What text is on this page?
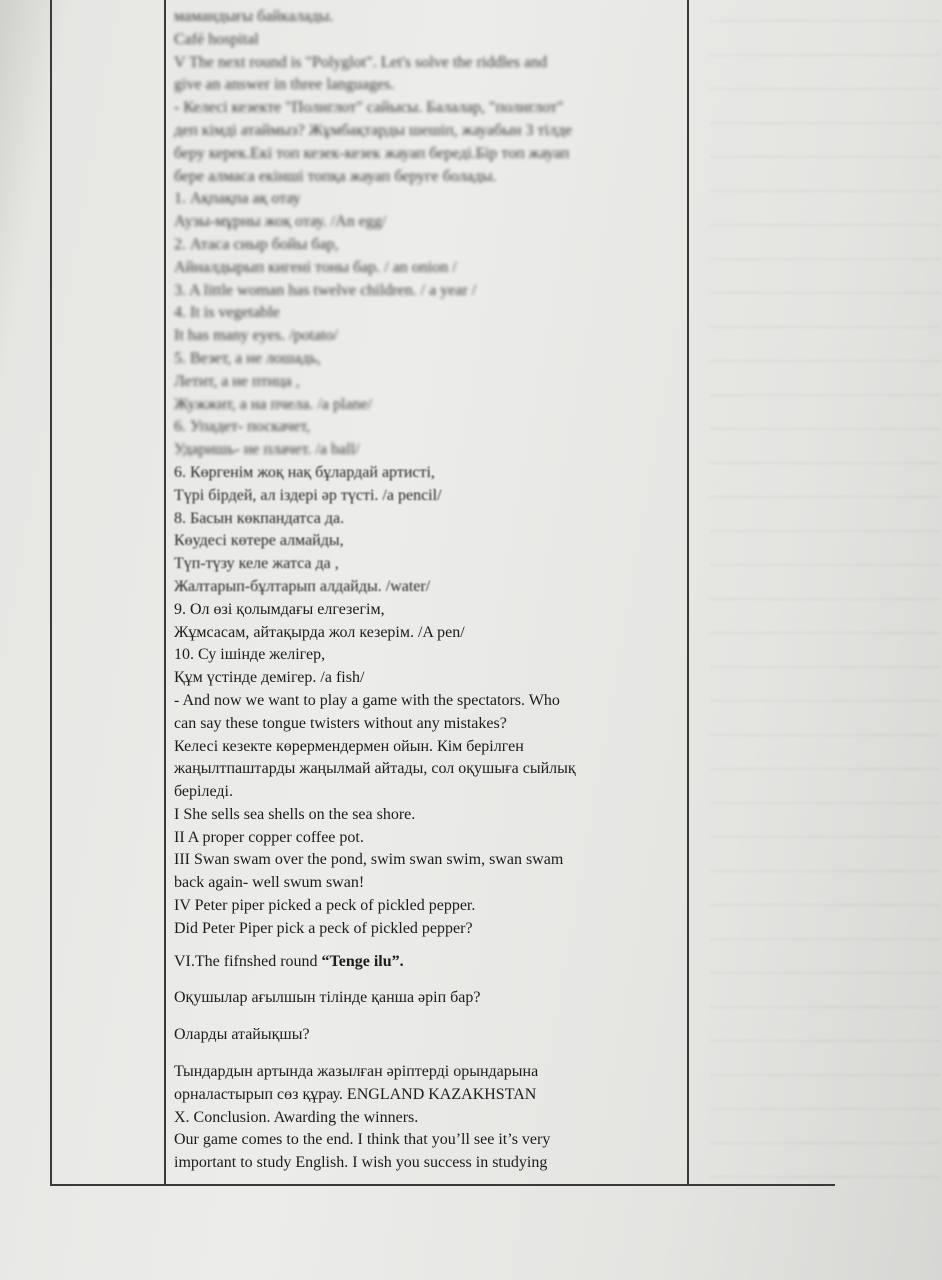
мамандығы байкалады.
Café hospital
V The next round is "Polyglot". Let's solve the riddles and
give an answer in three languages.
- Келесі кезекте "Полиглот" сайысы. Балалар, "полиглот"
деп кімді атаймыз? Жұмбақтарды шешіп, жауабын 3 тілде
беру керек.Екі топ кезек-кезек жауап береді.Бір топ жауап
бере алмаса екінші топқа жауап беруге болады.
1. Ақпақпа ақ отау
Аузы-мұрны жоқ отау. /An egg/
2. Атаса сиыр бойы бар,
Айналдырып кигені тоны бар. / an onion /
3. A little woman has twelve children. / a year /
4. It is vegetable
It has many eyes. /potato/
5. Везет, а не лошадь,
Летит, а не птица ,
Жужжит, а на пчела. /a plane/
6. Упадет- поскачет,
Ударишь- не плачет. /a ball/
6. Көргенім жоқ нақ бұлардай артисті,
Түрі бірдей, ал іздері әр түсті. /a pencil/
8. Басын көкпандатса да.
Көудесі көтере алмайды,
Түп-түзу келе жатса да ,
Жалтарып-бұлтарып алдайды. /water/
9. Ол өзі қолымдағы елгезегім,
Жұмсасам, айтақырда жол кезерім. /A pen/
10. Су ішінде желігер,
Құм үстінде демігер. /a fish/
- And now we want to play a game with the spectators. Who
can say these tongue twisters without any mistakes?
Келесі кезекте көрермендермен ойын. Кім берілген
жаңылтпаштарды жаңылмай айтады, сол оқушыға сыйлық
беріледі.
I She sells sea shells on the sea shore.
II A proper copper coffee pot.
III Swan swam over the pond, swim swan swim, swan swam
back again- well swum swan!
IV Peter piper picked a peck of pickled pepper.
Did Peter Piper pick a peck of pickled pepper?
VI.The fifnshed round “Tenge ilu”.
Оқушылар ағылшын тілінде қанша әріп бар?
Оларды атайықшы?
Тындардын артында жазылған әріптерді орындарына
орналастырып сөз құрау. ENGLAND KAZAKHSTAN
X. Conclusion. Awarding the winners.
Our game comes to the end. I think that you’ll see it’s very
important to study English. I wish you success in studying
